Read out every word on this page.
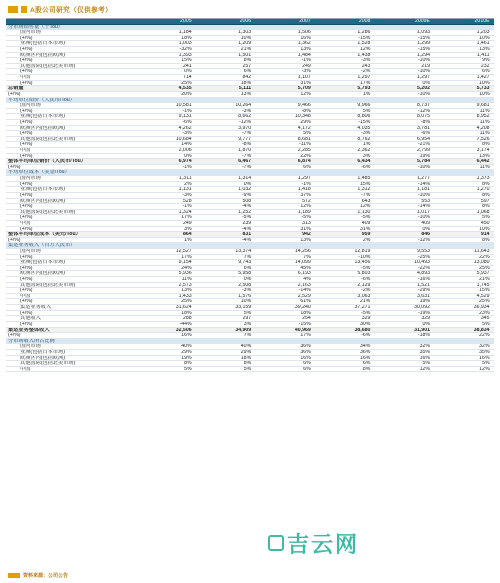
A股公司研究（仅供参考）
2005	2006	2007	2008	2009E	2010E
分市场销售量（千Tou）
国内市场	1,184	1,303	1,506	1,286	1,093	1,203
(+/%)	18%	10%	16%	-15%	-15%	10%
亚洲(包括日本市场)	1,003	1,209	1,362	1,528	1,299	1,461
(+/%)	-32%	21%	13%	12%	-15%	13%
欧洲区内(包括欧洲)	1,393	1,501	1,484	1,438	1,294	1,411
(+/%)	15%	8%	-1%	-3%	-10%	9%
其他国际(包括北美市场)	241	257	249	243	219	232
(+/%)	0%	6%	-3%	-2%	-10%	6%
中国	714	842	1,107	1,297	1,297	1,427
(+/%)	25%	18%	31%	17%	0%	10%
总销量	4,535	5,111	5,709	5,793	5,202	5,733
(+/%)	20%	13%	12%	1%	-10%	10%
平均单位销价（人民币/Tou）
国内市场	10,581	10,264	9,466	9,966	8,737	9,681
(+/%)	-1%	-3%	-8%	5%	-12%	11%
亚洲(包括日本市场)	9,131	8,662	10,348	8,806	8,075	8,952
(+/%)	-6%	-12%	29%	-15%	-8%	11%
欧洲区内(包括欧洲)	4,262	3,970	4,172	4,035	3,781	4,208
(+/%)	-3%	-7%	5%	-3%	-6%	11%
其他国际(包括北美市场)	10,684	9,777	8,681	8,762	6,954	7,526
(+/%)	14%	-8%	-11%	1%	-21%	8%
中国	2,006	1,870	2,285	2,362	2,799	3,174
(+/%)	0%	-7%	22%	3%	19%	13%
整体平均单位销价（人民币/Tou）	6,974	6,467	6,874	6,434	5,784	6,442
(+/%)	-1%	-7%	6%	-6%	-10%	11%
平均单位成本（美金/Tou）
国内市场	1,311	1,314	1,297	1,485	1,277	1,373
(+/%)	2%	0%	-1%	15%	-14%	8%
亚洲(包括日本市场)	1,131	1,032	1,418	1,312	1,181	1,270
(+/%)	-3%	-9%	37%	-7%	-10%	8%
欧洲区内(包括欧洲)	528	508	572	643	553	597
(+/%)	-1%	-4%	12%	12%	-14%	8%
其他国际(包括北美市场)	1,324	1,252	1,189	1,130	1,017	1,068
(+/%)	17%	-5%	-5%	-5%	-10%	5%
中国	249	239	313	409	409	450
(+/%)	3%	-4%	31%	31%	0%	10%
整体平均单位成本（美元/Tou）	864	831	942	959	846	914
(+/%)	1%	-4%	13%	2%	-12%	8%
集运业务收入（百万人民币）
国内市场	12,527	13,374	14,256	12,819	9,553	11,643
(+/%)	17%	7%	7%	-10%	-25%	22%
亚洲(包括日本市场)	9,154	9,743	14,099	13,456	10,493	13,080
(+/%)	24%	6%	45%	-5%	-22%	25%
欧洲区内(包括欧洲)	5,936	5,958	6,193	5,803	4,893	5,937
(+/%)	11%	0%	4%	-6%	-16%	21%
其他国际(包括北美市场)	2,573	2,508	2,163	2,129	1,521	1,745
(+/%)	13%	-3%	-14%	-2%	-29%	15%
中国	1,433	1,576	2,529	3,063	3,631	4,529
(+/%)	25%	10%	61%	21%	19%	25%
集运业务收入	31,624	33,159	39,240	37,271	30,092	36,934
(+/%)	18%	5%	18%	-5%	-19%	23%
其他收入	288	297	254	329	329	345
(+/%)	-44%	3%	-15%	30%	0%	5%
集运业务整体收入	32,506	34,909	40,969	38,680	31,901	38,834
(+/%)	16%	7%	17%	-6%	-18%	22%
分市场收入所占比例
国内市场	40%	40%	36%	34%	32%	32%
亚洲(包括日本市场)	29%	29%	36%	36%	35%	35%
欧洲区内(包括欧洲)	19%	18%	16%	16%	16%	16%
其他国际(包括北美市场)	8%	8%	6%	6%	5%	5%
中国	5%	5%	6%	8%	12%	12%
吉云网
资料来源：公司公告
